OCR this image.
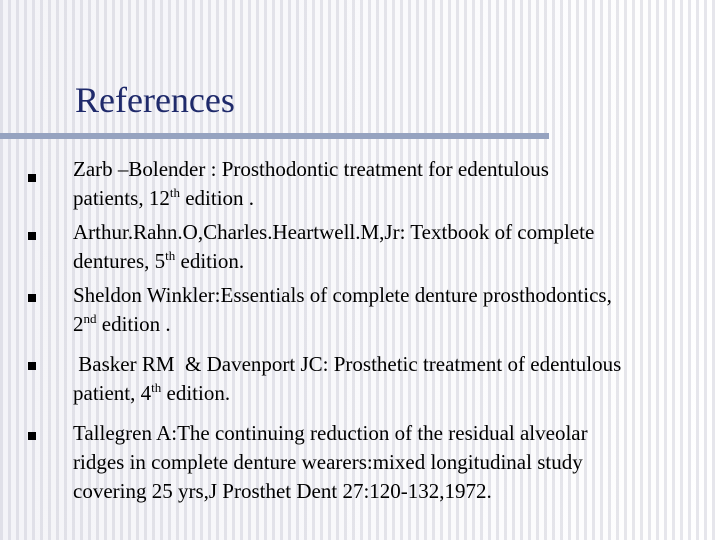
References
Zarb –Bolender : Prosthodontic treatment for edentulous
patients, 12th edition .
Arthur.Rahn.O,Charles.Heartwell.M,Jr: Textbook of complete
dentures, 5th edition.
Sheldon Winkler:Essentials of complete denture prosthodontics,
2nd edition .
Basker RM  & Davenport JC: Prosthetic treatment of edentulous
patient, 4th edition.
Tallegren A:The continuing reduction of the residual alveolar
ridges in complete denture wearers:mixed longitudinal study
covering 25 yrs,J Prosthet Dent 27:120-132,1972.
